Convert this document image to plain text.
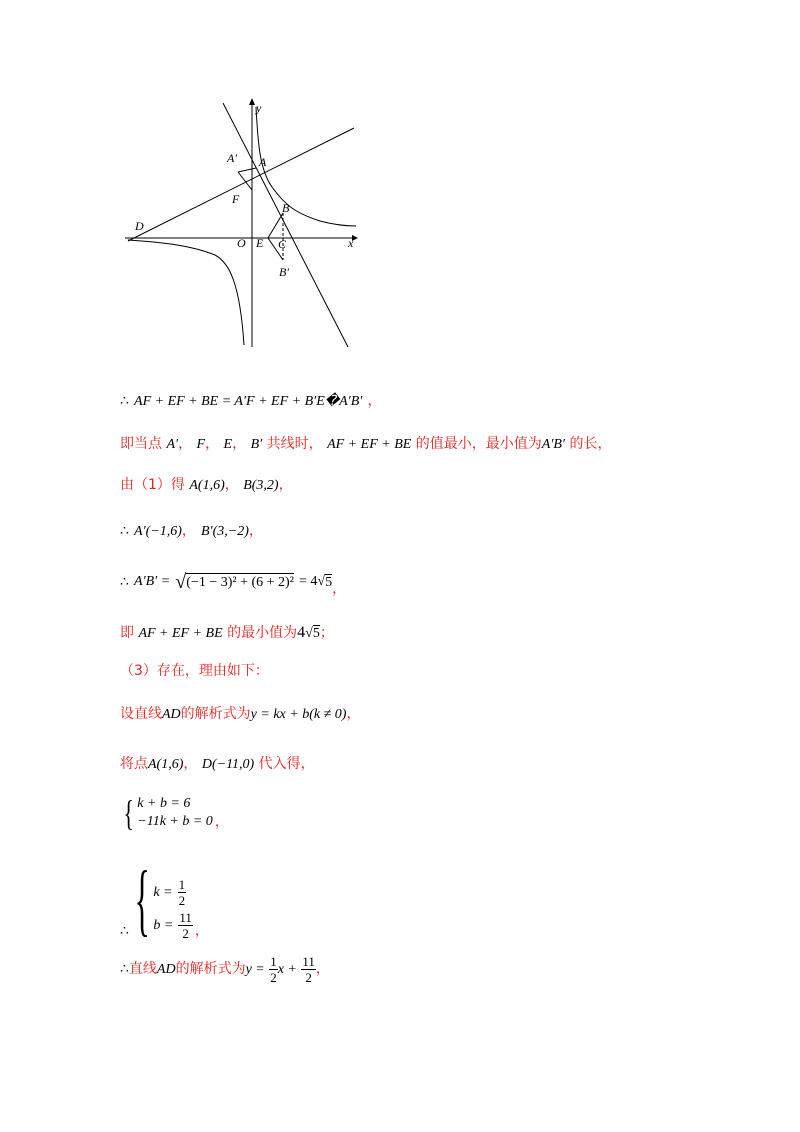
y
x
A′ A
F
D
B
O E C
B′
∴ AF + EF + BE = A′F + EF + B′E�A′B′ ，
即当点 A′， F， E， B′ 共线时， AF + EF + BE 的值最小，最小值为A′B′ 的长，
由（1）得 A(1,6)， B(3,2)，
∴ A′(−1,6)， B′(3,−2)，
∴
A′B′ =
√ (−1 − 3)² + (6 + 2)²
= 4 √ 5 ，
即 AF + EF + BE 的最小值为4√5；
（3）存在，理由如下：
设直线AD的解析式为y = kx + b(k ≠ 0)，
将点A(1,6)， D(−11,0) 代入得，
{ k + b = 6
−11k + b = 0 ，
∴ { k =
$\frac{1}{2}$
b =
$\frac{11}{2}$ ，
∴ 直线 AD 的解析式为 y =
$\frac{1}{2}$ x +
$\frac{11}{2}$ ，
